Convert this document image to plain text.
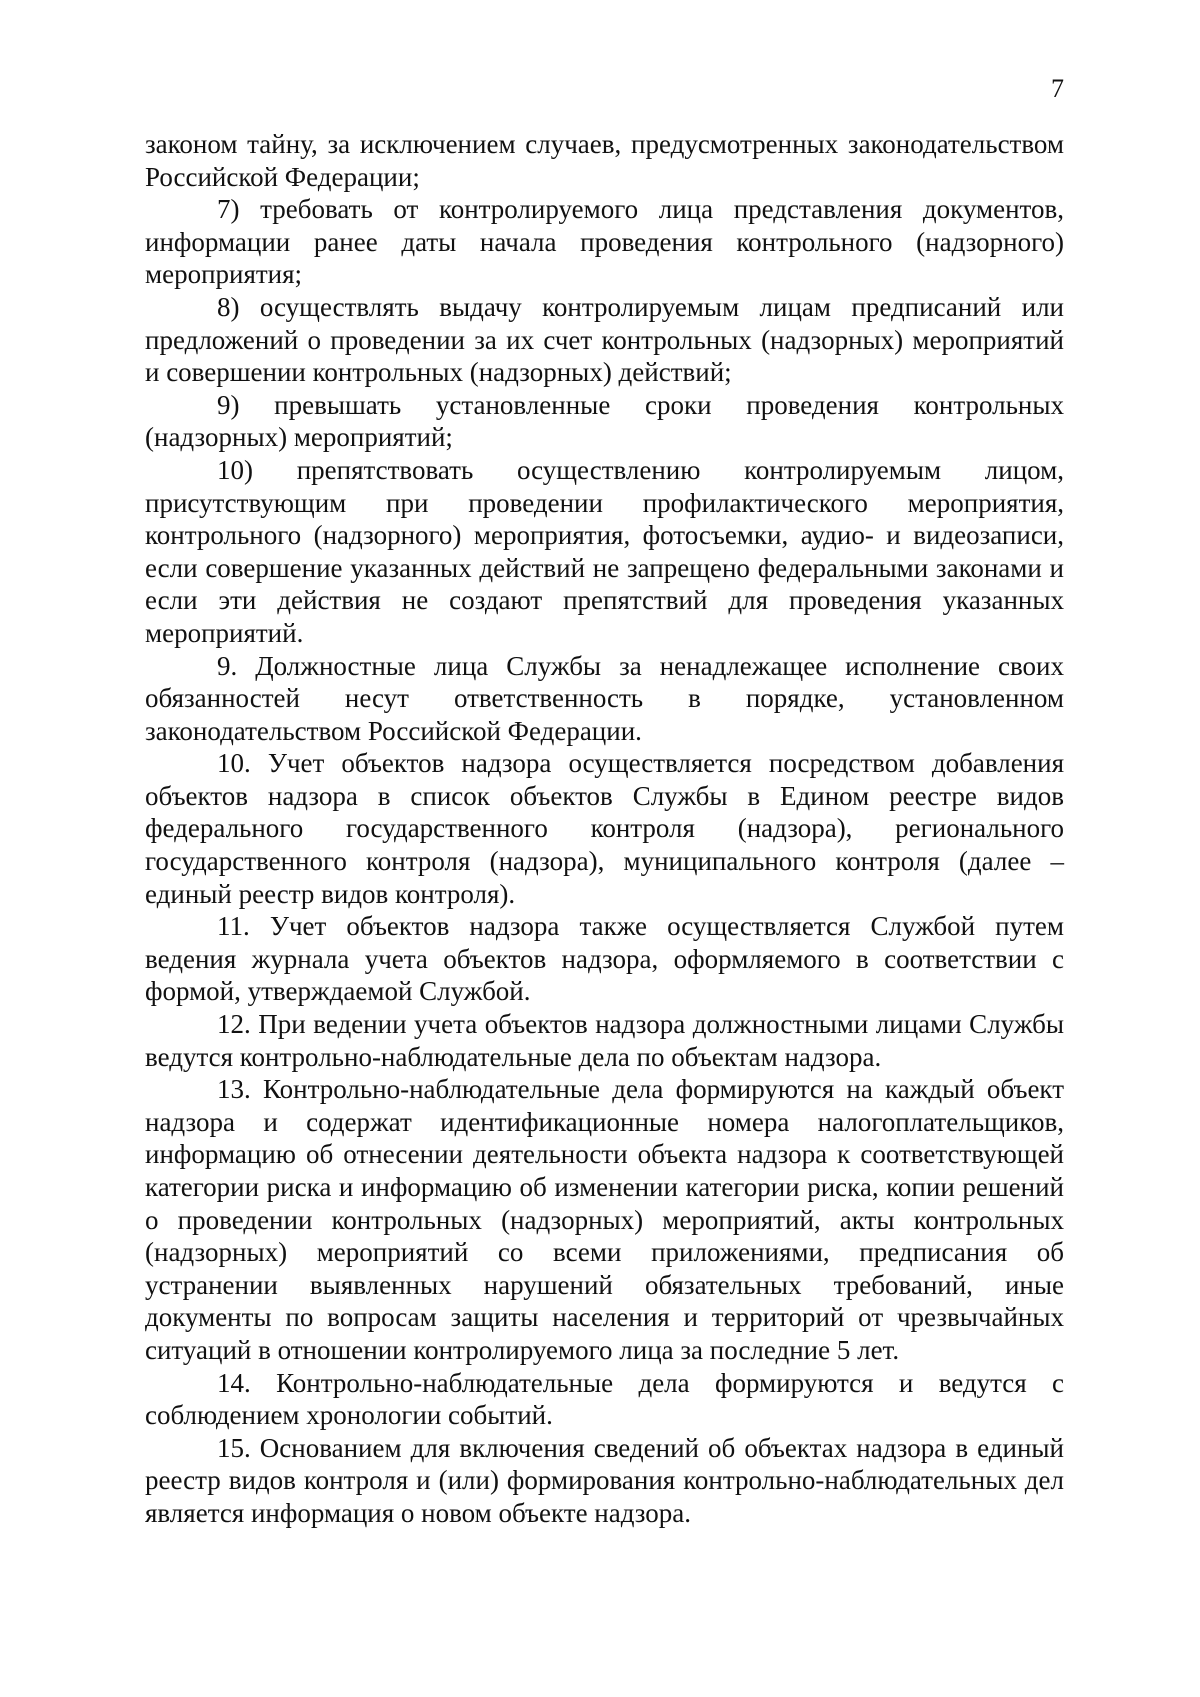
7

законом тайну, за исключением случаев, предусмотренных законодательством Российской Федерации;

7) требовать от контролируемого лица представления документов, информации ранее даты начала проведения контрольного (надзорного) мероприятия;

8) осуществлять выдачу контролируемым лицам предписаний или предложений о проведении за их счет контрольных (надзорных) мероприятий и совершении контрольных (надзорных) действий;

9) превышать установленные сроки проведения контрольных (надзорных) мероприятий;

10) препятствовать осуществлению контролируемым лицом, присутствующим при проведении профилактического мероприятия, контрольного (надзорного) мероприятия, фотосъемки, аудио- и видеозаписи, если совершение указанных действий не запрещено федеральными законами и если эти действия не создают препятствий для проведения указанных мероприятий.

9. Должностные лица Службы за ненадлежащее исполнение своих обязанностей несут ответственность в порядке, установленном законодательством Российской Федерации.

10. Учет объектов надзора осуществляется посредством добавления объектов надзора в список объектов Службы в Едином реестре видов федерального государственного контроля (надзора), регионального государственного контроля (надзора), муниципального контроля (далее – единый реестр видов контроля).

11. Учет объектов надзора также осуществляется Службой путем ведения журнала учета объектов надзора, оформляемого в соответствии с формой, утверждаемой Службой.

12. При ведении учета объектов надзора должностными лицами Службы ведутся контрольно-наблюдательные дела по объектам надзора.

13. Контрольно-наблюдательные дела формируются на каждый объект надзора и содержат идентификационные номера налогоплательщиков, информацию об отнесении деятельности объекта надзора к соответствующей категории риска и информацию об изменении категории риска, копии решений о проведении контрольных (надзорных) мероприятий, акты контрольных (надзорных) мероприятий со всеми приложениями, предписания об устранении выявленных нарушений обязательных требований, иные документы по вопросам защиты населения и территорий от чрезвычайных ситуаций в отношении контролируемого лица за последние 5 лет.

14. Контрольно-наблюдательные дела формируются и ведутся с соблюдением хронологии событий.

15. Основанием для включения сведений об объектах надзора в единый реестр видов контроля и (или) формирования контрольно-наблюдательных дел является информация о новом объекте надзора.
